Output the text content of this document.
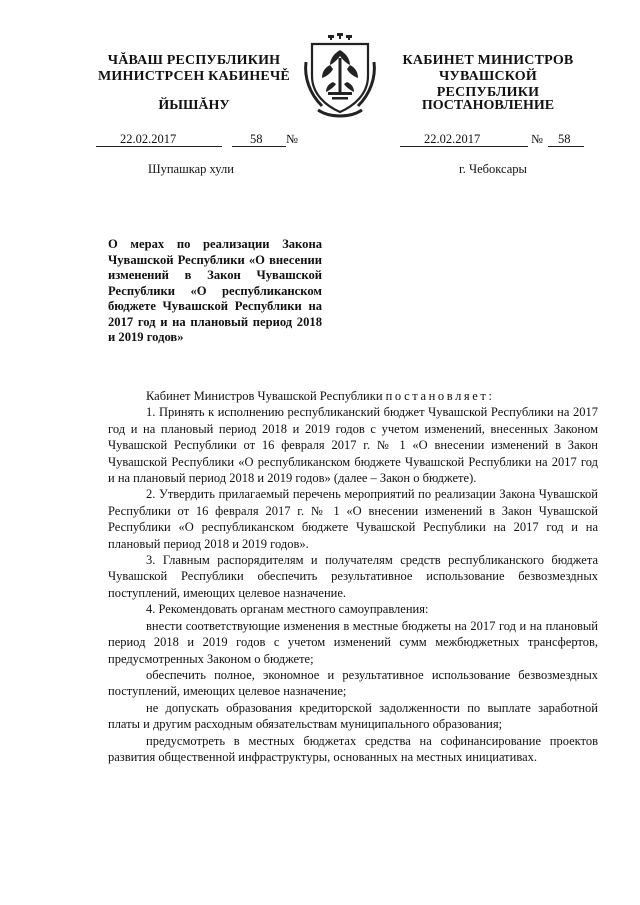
ЧĂВАШ РЕСПУБЛИКИН
МИНИСТРСЕН КАБИНЕЧĚ
ЙЫШĂНУ
КАБИНЕТ МИНИСТРОВ
ЧУВАШСКОЙ РЕСПУБЛИКИ
ПОСТАНОВЛЕНИЕ
22.02.2017	58 №	22.02.2017	№ 58
Шупашкар хули	г. Чебоксары
О мерах по реализации Закона Чувашской Республики «О внесении изменений в Закон Чувашской Республики «О республиканском бюджете Чувашской Республики на 2017 год и на плановый период 2018 и 2019 годов»

Кабинет Министров Чувашской Республики постановляет:

1. Принять к исполнению республиканский бюджет Чувашской Республики на 2017 год и на плановый период 2018 и 2019 годов с учетом изменений, внесенных Законом Чувашской Республики от 16 февраля 2017 г. № 1 «О внесении изменений в Закон Чувашской Республики «О республиканском бюджете Чувашской Республики на 2017 год и на плановый период 2018 и 2019 годов» (далее – Закон о бюджете).

2. Утвердить прилагаемый перечень мероприятий по реализации Закона Чувашской Республики от 16 февраля 2017 г. № 1 «О внесении изменений в Закон Чувашской Республики «О республиканском бюджете Чувашской Республики на 2017 год и на плановый период 2018 и 2019 годов».

3. Главным распорядителям и получателям средств республиканского бюджета Чувашской Республики обеспечить результативное использование безвозмездных поступлений, имеющих целевое назначение.

4. Рекомендовать органам местного самоуправления:

внести соответствующие изменения в местные бюджеты на 2017 год и на плановый период 2018 и 2019 годов с учетом изменений сумм межбюджетных трансфертов, предусмотренных Законом о бюджете;

обеспечить полное, экономное и результативное использование безвозмездных поступлений, имеющих целевое назначение;

не допускать образования кредиторской задолженности по выплате заработной платы и другим расходным обязательствам муниципального образования;

предусмотреть в местных бюджетах средства на софинансирование проектов развития общественной инфраструктуры, основанных на местных инициативах.
